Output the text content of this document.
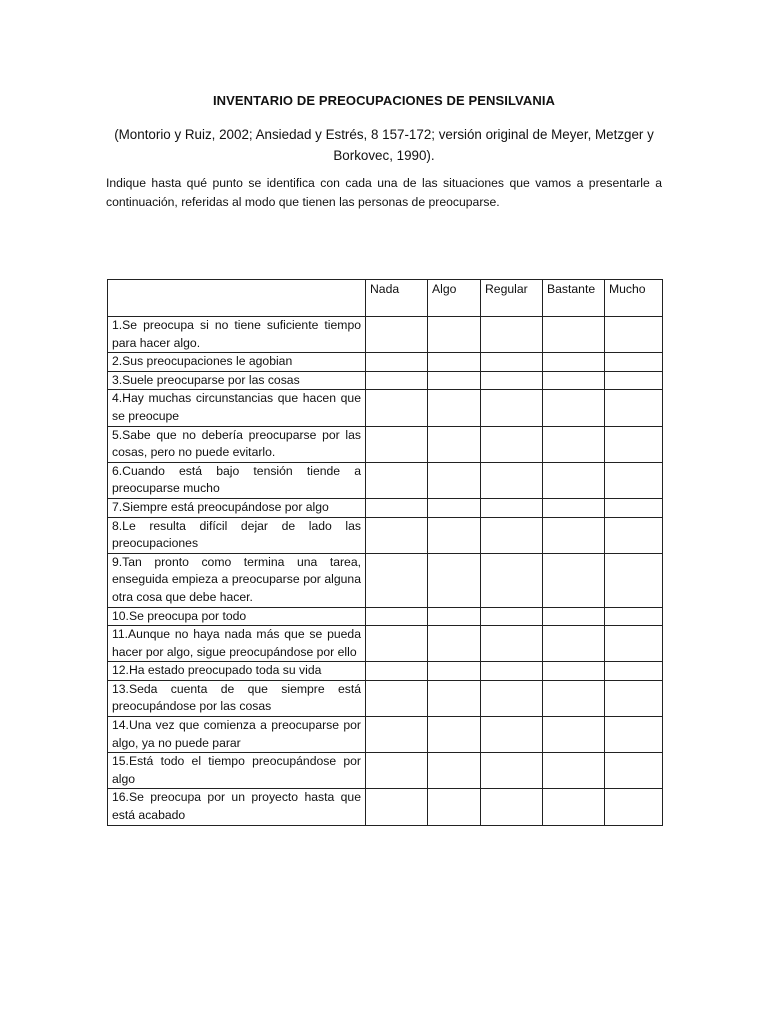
INVENTARIO DE PREOCUPACIONES DE PENSILVANIA
(Montorio y Ruiz, 2002; Ansiedad y Estrés, 8 157-172; versión original de Meyer, Metzger y Borkovec, 1990).
Indique hasta qué punto se identifica con cada una de las situaciones que vamos a presentarle a continuación, referidas al modo que tienen las personas de preocuparse.
	Nada	Algo	Regular	Bastante	Mucho
1.Se preocupa si no tiene suficiente tiempo para hacer algo.					
2.Sus preocupaciones le agobian					
3.Suele preocuparse por las cosas					
4.Hay muchas circunstancias que hacen que se preocupe					
5.Sabe que no debería preocuparse por las cosas, pero no puede evitarlo.					
6.Cuando está bajo tensión tiende a preocuparse mucho					
7.Siempre está preocupándose por algo					
8.Le resulta difícil dejar de lado las preocupaciones					
9.Tan pronto como termina una tarea, enseguida empieza a preocuparse por alguna otra cosa que debe hacer.					
10.Se preocupa por todo					
11.Aunque no haya nada más que se pueda hacer por algo, sigue preocupándose por ello					
12.Ha estado preocupado toda su vida					
13.Seda cuenta de que siempre está preocupándose por las cosas					
14.Una vez que comienza a preocuparse por algo, ya no puede parar					
15.Está todo el tiempo preocupándose por algo					
16.Se preocupa por un proyecto hasta que está acabado					
